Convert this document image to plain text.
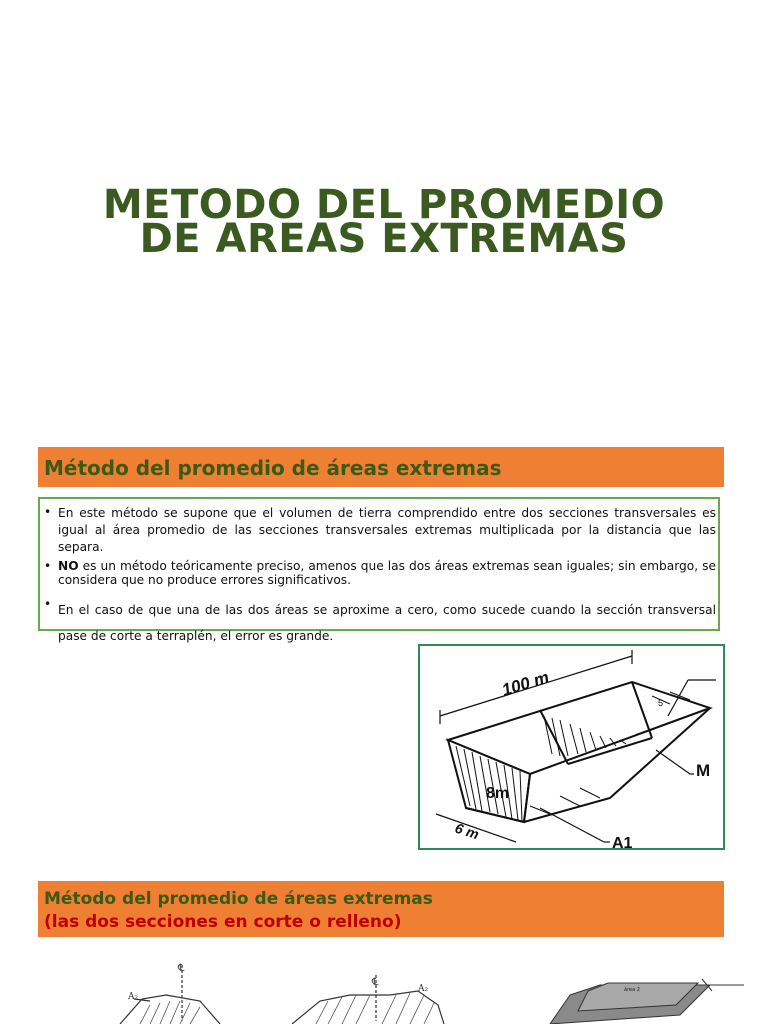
METODO DEL PROMEDIO
DE AREAS EXTREMAS
Método del promedio de áreas extremas
• En este método se supone que el volumen de tierra comprendido entre dos secciones transversales es igual al área promedio de las secciones transversales extremas multiplicada por la distancia que las separa.
• NO es un método teóricamente preciso, amenos que las dos áreas extremas sean iguales; sin embargo, se considera que no produce errores significativos.
• En el caso de que una de las dos áreas se aproxime a cero, como sucede cuando la sección transversal pase de corte a terraplén, el error es grande.
100 m
8m
6 m
M
A1
5
Método del promedio de áreas extremas
(las dos secciones en corte o relleno)
℄
A₂
℄
A₂	área 2
